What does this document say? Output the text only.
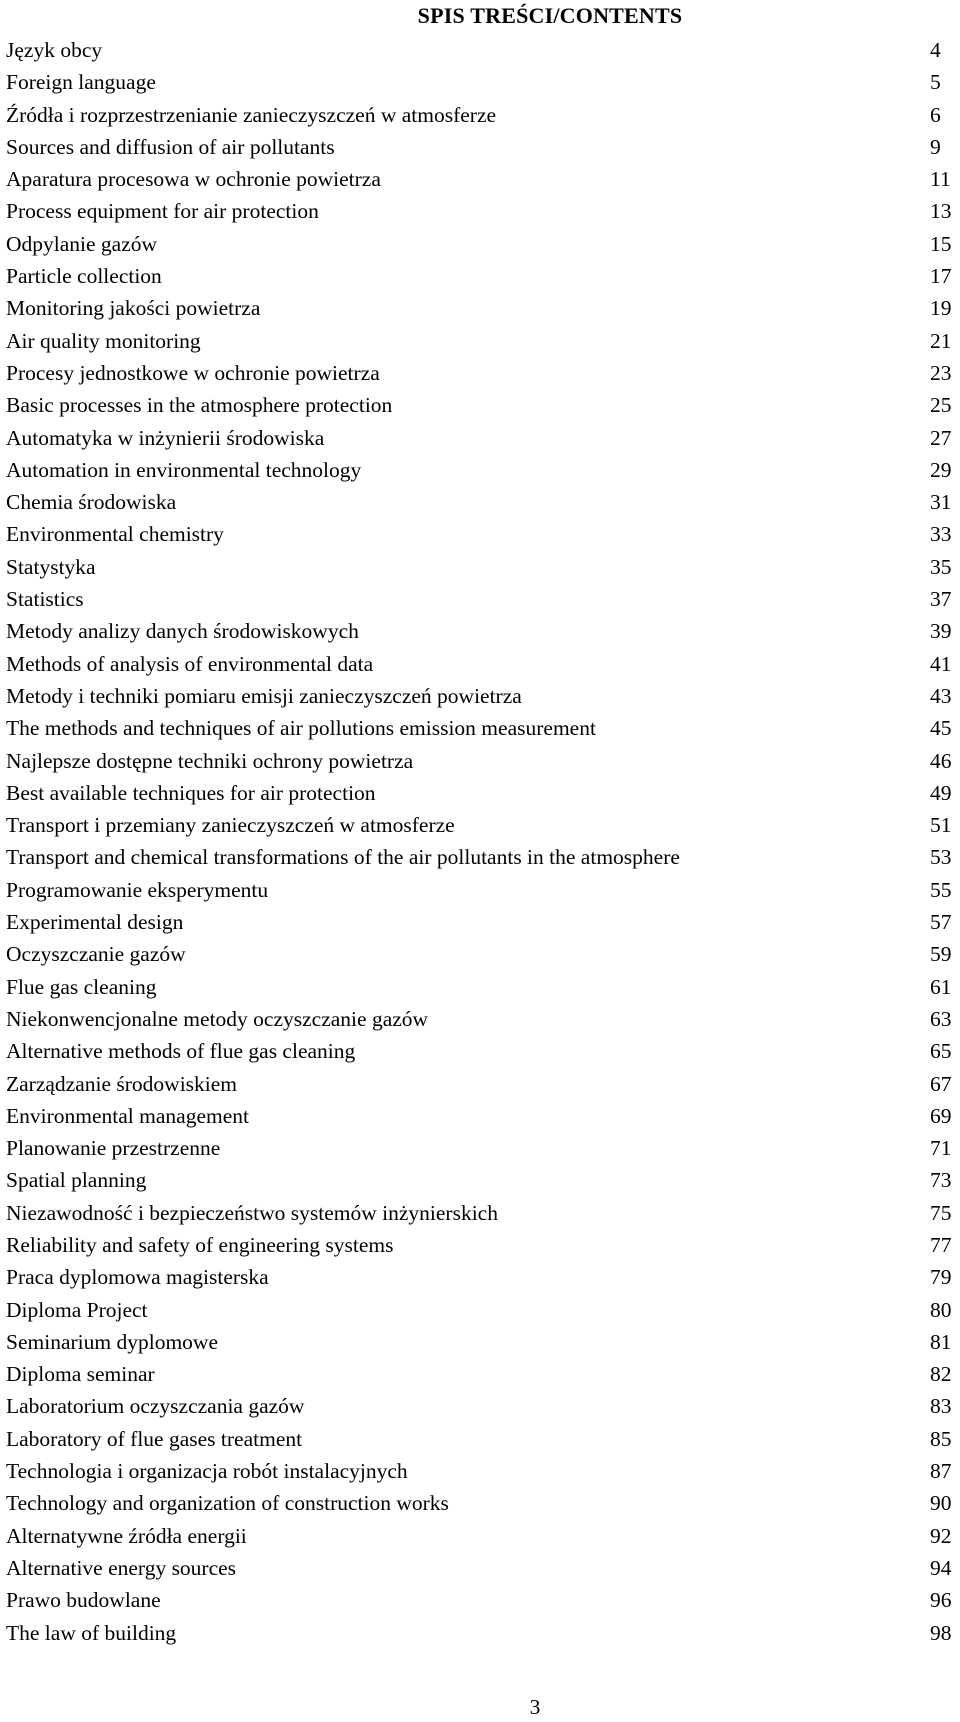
SPIS TREŚCI/CONTENTS
Język obcy	4
Foreign language	5
Źródła i rozprzestrzenianie zanieczyszczeń w atmosferze	6
Sources and diffusion of air pollutants	9
Aparatura procesowa w ochronie powietrza	11
Process equipment for air protection	13
Odpylanie gazów	15
Particle collection	17
Monitoring jakości powietrza	19
Air quality monitoring	21
Procesy jednostkowe w ochronie powietrza	23
Basic processes in the atmosphere protection	25
Automatyka w inżynierii środowiska	27
Automation in environmental technology	29
Chemia środowiska	31
Environmental chemistry	33
Statystyka	35
Statistics	37
Metody analizy danych środowiskowych	39
Methods of analysis of environmental data	41
Metody i techniki pomiaru emisji zanieczyszczeń powietrza	43
The methods and techniques of air pollutions emission measurement	45
Najlepsze dostępne techniki ochrony powietrza	46
Best available techniques for air protection	49
Transport i przemiany zanieczyszczeń w atmosferze	51
Transport and chemical transformations of the air pollutants in the atmosphere	53
Programowanie eksperymentu	55
Experimental design	57
Oczyszczanie gazów	59
Flue gas cleaning	61
Niekonwencjonalne metody oczyszczanie gazów	63
Alternative methods of flue gas cleaning	65
Zarządzanie środowiskiem	67
Environmental management	69
Planowanie przestrzenne	71
Spatial planning	73
Niezawodność i bezpieczeństwo systemów inżynierskich	75
Reliability and safety of engineering systems	77
Praca dyplomowa magisterska	79
Diploma Project	80
Seminarium dyplomowe	81
Diploma seminar	82
Laboratorium oczyszczania gazów	83
Laboratory of flue gases treatment	85
Technologia i organizacja robót instalacyjnych	87
Technology and organization of construction works	90
Alternatywne źródła energii	92
Alternative energy sources	94
Prawo budowlane	96
The law of building	98
3
